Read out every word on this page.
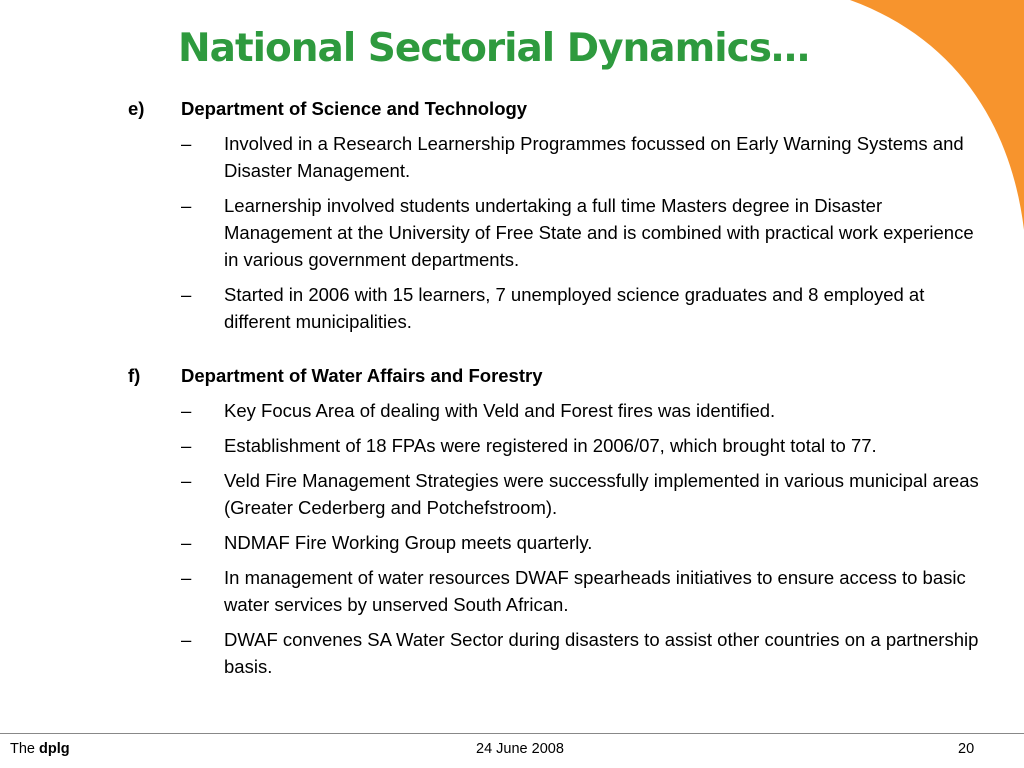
National Sectorial Dynamics…
e)	Department of Science and Technology
–	Involved in a Research Learnership Programmes focussed on Early Warning Systems and Disaster Management.
–	Learnership involved students undertaking a full time Masters degree in Disaster Management at the University of Free State and is combined with practical work experience in various government departments.
–	Started in 2006 with 15 learners, 7 unemployed science graduates and 8 employed at different municipalities.
f)	Department of Water Affairs and Forestry
–	Key Focus Area of dealing with Veld and Forest fires was identified.
–	Establishment of 18 FPAs were registered in 2006/07, which brought total to 77.
–	Veld Fire Management Strategies were successfully implemented in various municipal areas (Greater Cederberg and Potchefstroom).
–	NDMAF Fire Working Group meets quarterly.
–	In management of water resources DWAF spearheads initiatives to ensure access to basic water services by unserved South African.
–	DWAF convenes SA Water Sector during disasters to assist other countries on a partnership basis.
The dplg	24 June 2008	20
